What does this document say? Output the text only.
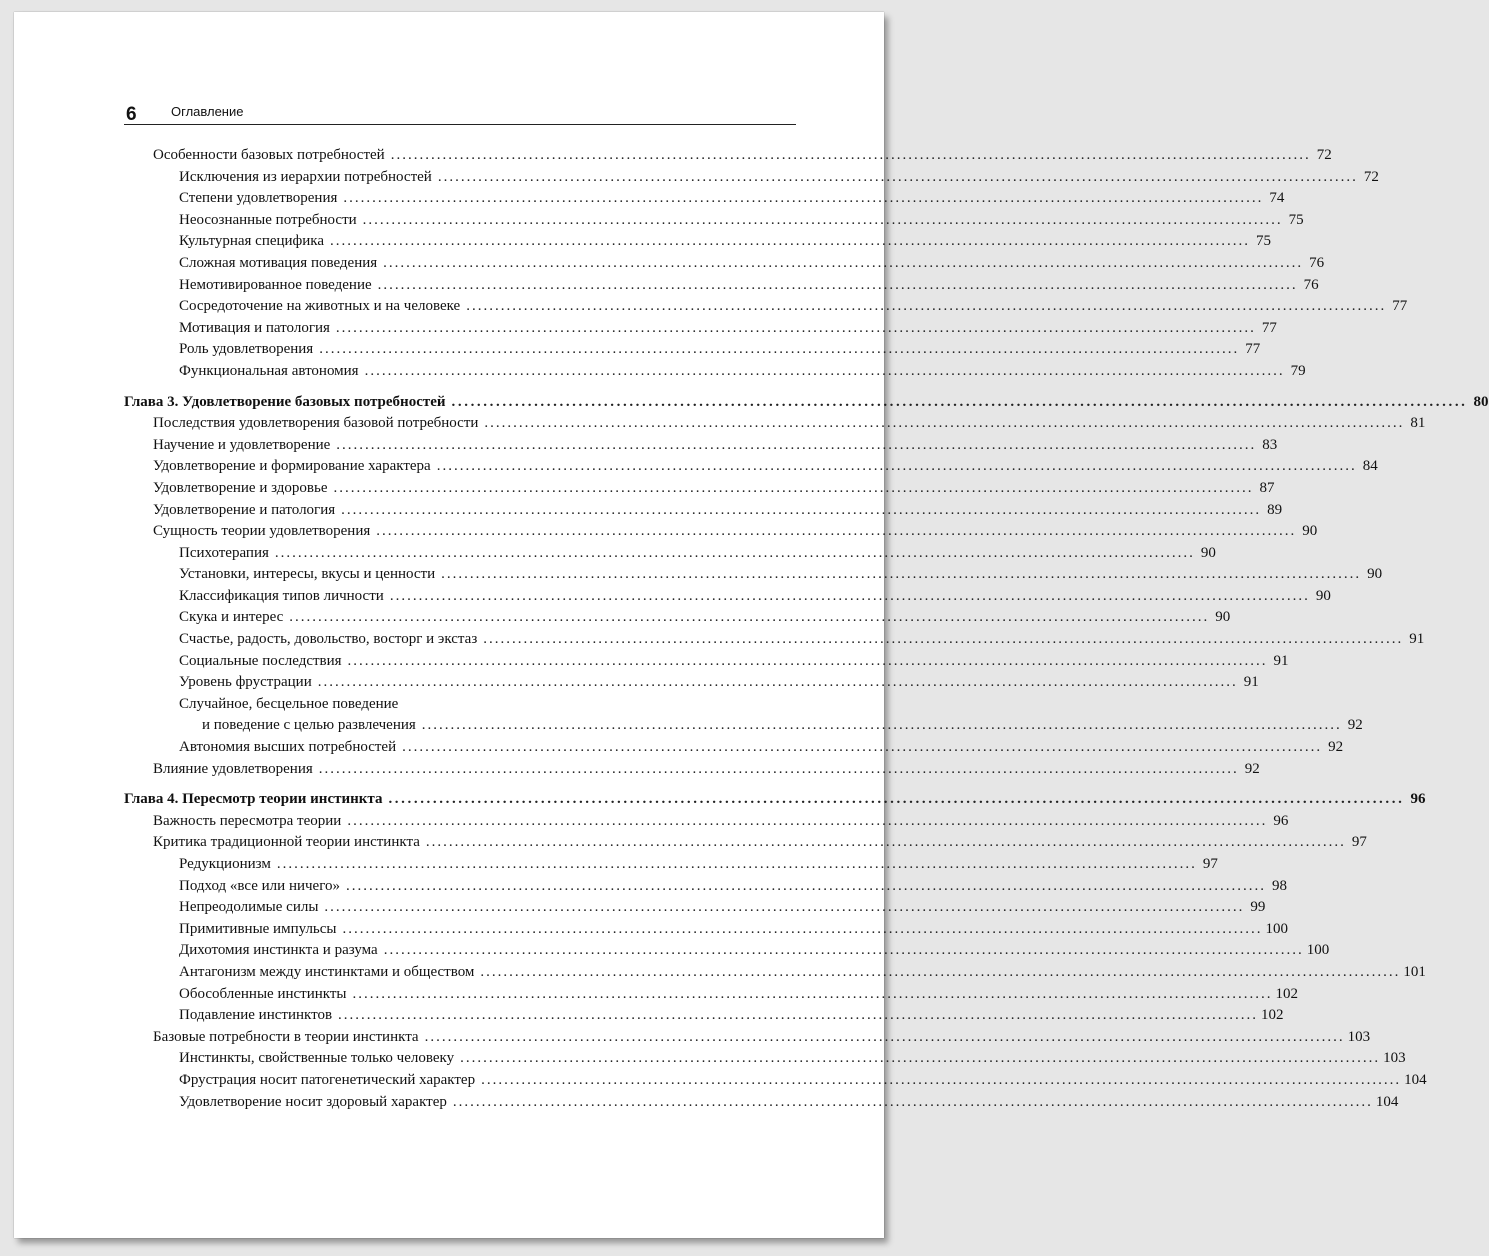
6	Оглавление
Особенности базовых потребностей ................................................................................................................................................................ 72
Исключения из иерархии потребностей ................................................................................................................................................................ 72
Степени удовлетворения ................................................................................................................................................................ 74
Неосознанные потребности ................................................................................................................................................................ 75
Культурная специфика ................................................................................................................................................................ 75
Сложная мотивация поведения ................................................................................................................................................................ 76
Немотивированное поведение ................................................................................................................................................................ 76
Сосредоточение на животных и на человеке ................................................................................................................................................................ 77
Мотивация и патология ................................................................................................................................................................ 77
Роль удовлетворения ................................................................................................................................................................ 77
Функциональная автономия ................................................................................................................................................................ 79
Глава 3. Удовлетворение базовых потребностей ................................................................................................................................................................ 80
Последствия удовлетворения базовой потребности ................................................................................................................................................................ 81
Научение и удовлетворение ................................................................................................................................................................ 83
Удовлетворение и формирование характера ................................................................................................................................................................ 84
Удовлетворение и здоровье ................................................................................................................................................................ 87
Удовлетворение и патология ................................................................................................................................................................ 89
Сущность теории удовлетворения ................................................................................................................................................................ 90
Психотерапия ................................................................................................................................................................ 90
Установки, интересы, вкусы и ценности ................................................................................................................................................................ 90
Классификация типов личности ................................................................................................................................................................ 90
Скука и интерес ................................................................................................................................................................ 90
Счастье, радость, довольство, восторг и экстаз ................................................................................................................................................................ 91
Социальные последствия ................................................................................................................................................................ 91
Уровень фрустрации ................................................................................................................................................................ 91
Случайное, бесцельное поведение
и поведение с целью развлечения ................................................................................................................................................................ 92
Автономия высших потребностей ................................................................................................................................................................ 92
Влияние удовлетворения ................................................................................................................................................................ 92
Глава 4. Пересмотр теории инстинкта ................................................................................................................................................................ 96
Важность пересмотра теории ................................................................................................................................................................ 96
Критика традиционной теории инстинкта ................................................................................................................................................................ 97
Редукционизм ................................................................................................................................................................ 97
Подход «все или ничего» ................................................................................................................................................................ 98
Непреодолимые силы ................................................................................................................................................................ 99
Примитивные импульсы ................................................................................................................................................................ 100
Дихотомия инстинкта и разума ................................................................................................................................................................ 100
Антагонизм между инстинктами и обществом ................................................................................................................................................................ 101
Обособленные инстинкты ................................................................................................................................................................ 102
Подавление инстинктов ................................................................................................................................................................ 102
Базовые потребности в теории инстинкта ................................................................................................................................................................ 103
Инстинкты, свойственные только человеку ................................................................................................................................................................ 103
Фрустрация носит патогенетический характер ................................................................................................................................................................ 104
Удовлетворение носит здоровый характер ................................................................................................................................................................ 104
